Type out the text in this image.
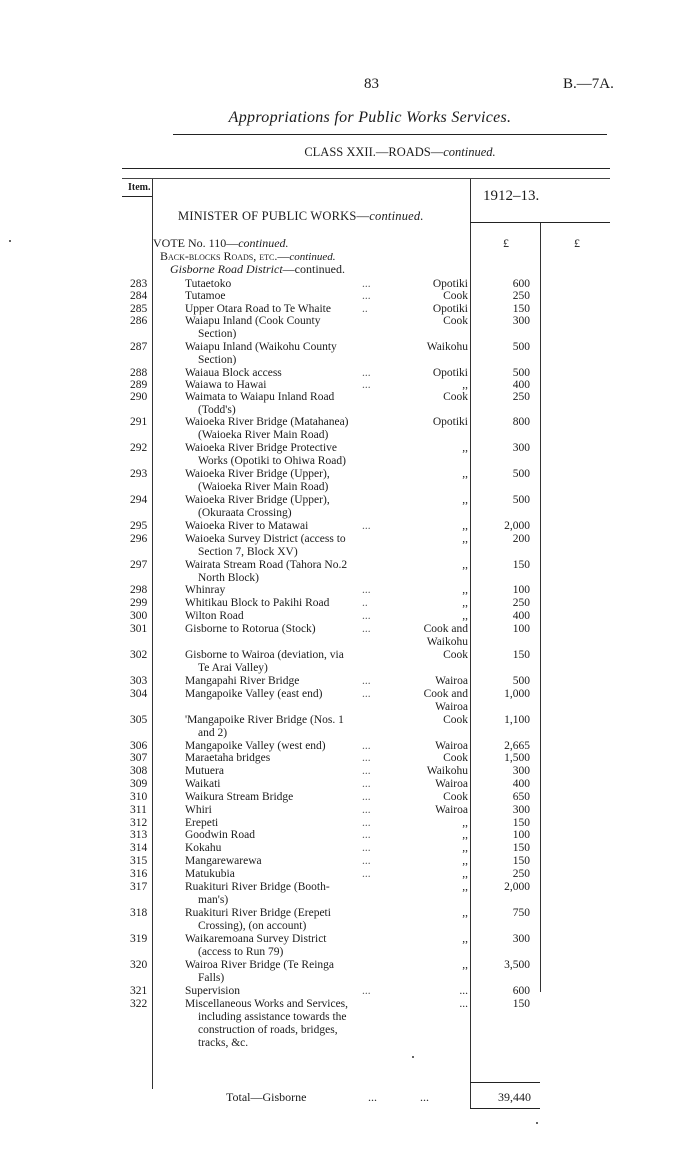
83	B.—7A.
Appropriations for Public Works Services.
CLASS XXII.—ROADS—continued.
Item.
1912–13.
MINISTER OF PUBLIC WORKS—continued.
VOTE No. 110—continued.
Back-blocks Roads, etc.—continued.
Gisborne Road District—continued.
£	£
283	Tutaetoko	...	Opotiki	600
284	Tutamoe	...	Cook	250
285	Upper Otara Road to Te Whaite	..	Opotiki	150
286	Waiapu Inland (Cook County
Section)
Cook	300
287	Waiapu Inland (Waikohu County
Section)
Waikohu	500
288	Waiaua Block access	...	Opotiki	500
289	Waiawa to Hawai	...	,,	400
290	Waimata to Waiapu Inland Road
(Todd's)
Cook	250
291	Waioeka River Bridge (Matahanea)
(Waioeka River Main Road)
Opotiki	800
292	Waioeka River Bridge Protective
Works (Opotiki to Ohiwa Road)
,,	300
293	Waioeka River Bridge (Upper),
(Waioeka River Main Road)
,,	500
294	Waioeka River Bridge (Upper),
(Okuraata Crossing)
,,	500
295	Waioeka River to Matawai	...	,,	2,000
296	Waioeka Survey District (access to
Section 7, Block XV)
,,	200
297	Wairata Stream Road (Tahora No.2
North Block)
,,	150
298	Whinray	...	,,	100
299	Whitikau Block to Pakihi Road	..	,,	250
300	Wilton Road	...	,,	400
301	Gisborne to Rotorua (Stock)	...	Cook and
Waikohu
100
302	Gisborne to Wairoa (deviation, via
Te Arai Valley)
Cook	150
303	Mangapahi River Bridge	...	Wairoa	500
304	Mangapoike Valley (east end)	...	Cook and
Wairoa
1,000
305	'Mangapoike River Bridge (Nos. 1
and 2)
Cook	1,100
306	Mangapoike Valley (west end)	...	Wairoa	2,665
307	Maraetaha bridges	...	Cook	1,500
308	Mutuera	...	Waikohu	300
309	Waikati	...	Wairoa	400
310	Waikura Stream Bridge	...	Cook	650
311	Whiri	...	Wairoa	300
312	Erepeti	...	,,	150
313	Goodwin Road	...	,,	100
314	Kokahu	...	,,	150
315	Mangarewarewa	...	,,	150
316	Matukubia	...	,,	250
317	Ruakituri River Bridge (Booth-
man's)
,,	2,000
318	Ruakituri River Bridge (Erepeti
Crossing), (on account)
,,	750
319	Waikaremoana Survey District
(access to Run 79)
,,	300
320	Wairoa River Bridge (Te Reinga
Falls)
,,	3,500
321	Supervision	...	...	600
322	Miscellaneous Works and Services,
including assistance towards the
construction of roads, bridges,
tracks, &c.
...	150
Total—Gisborne	...	...	39,440
